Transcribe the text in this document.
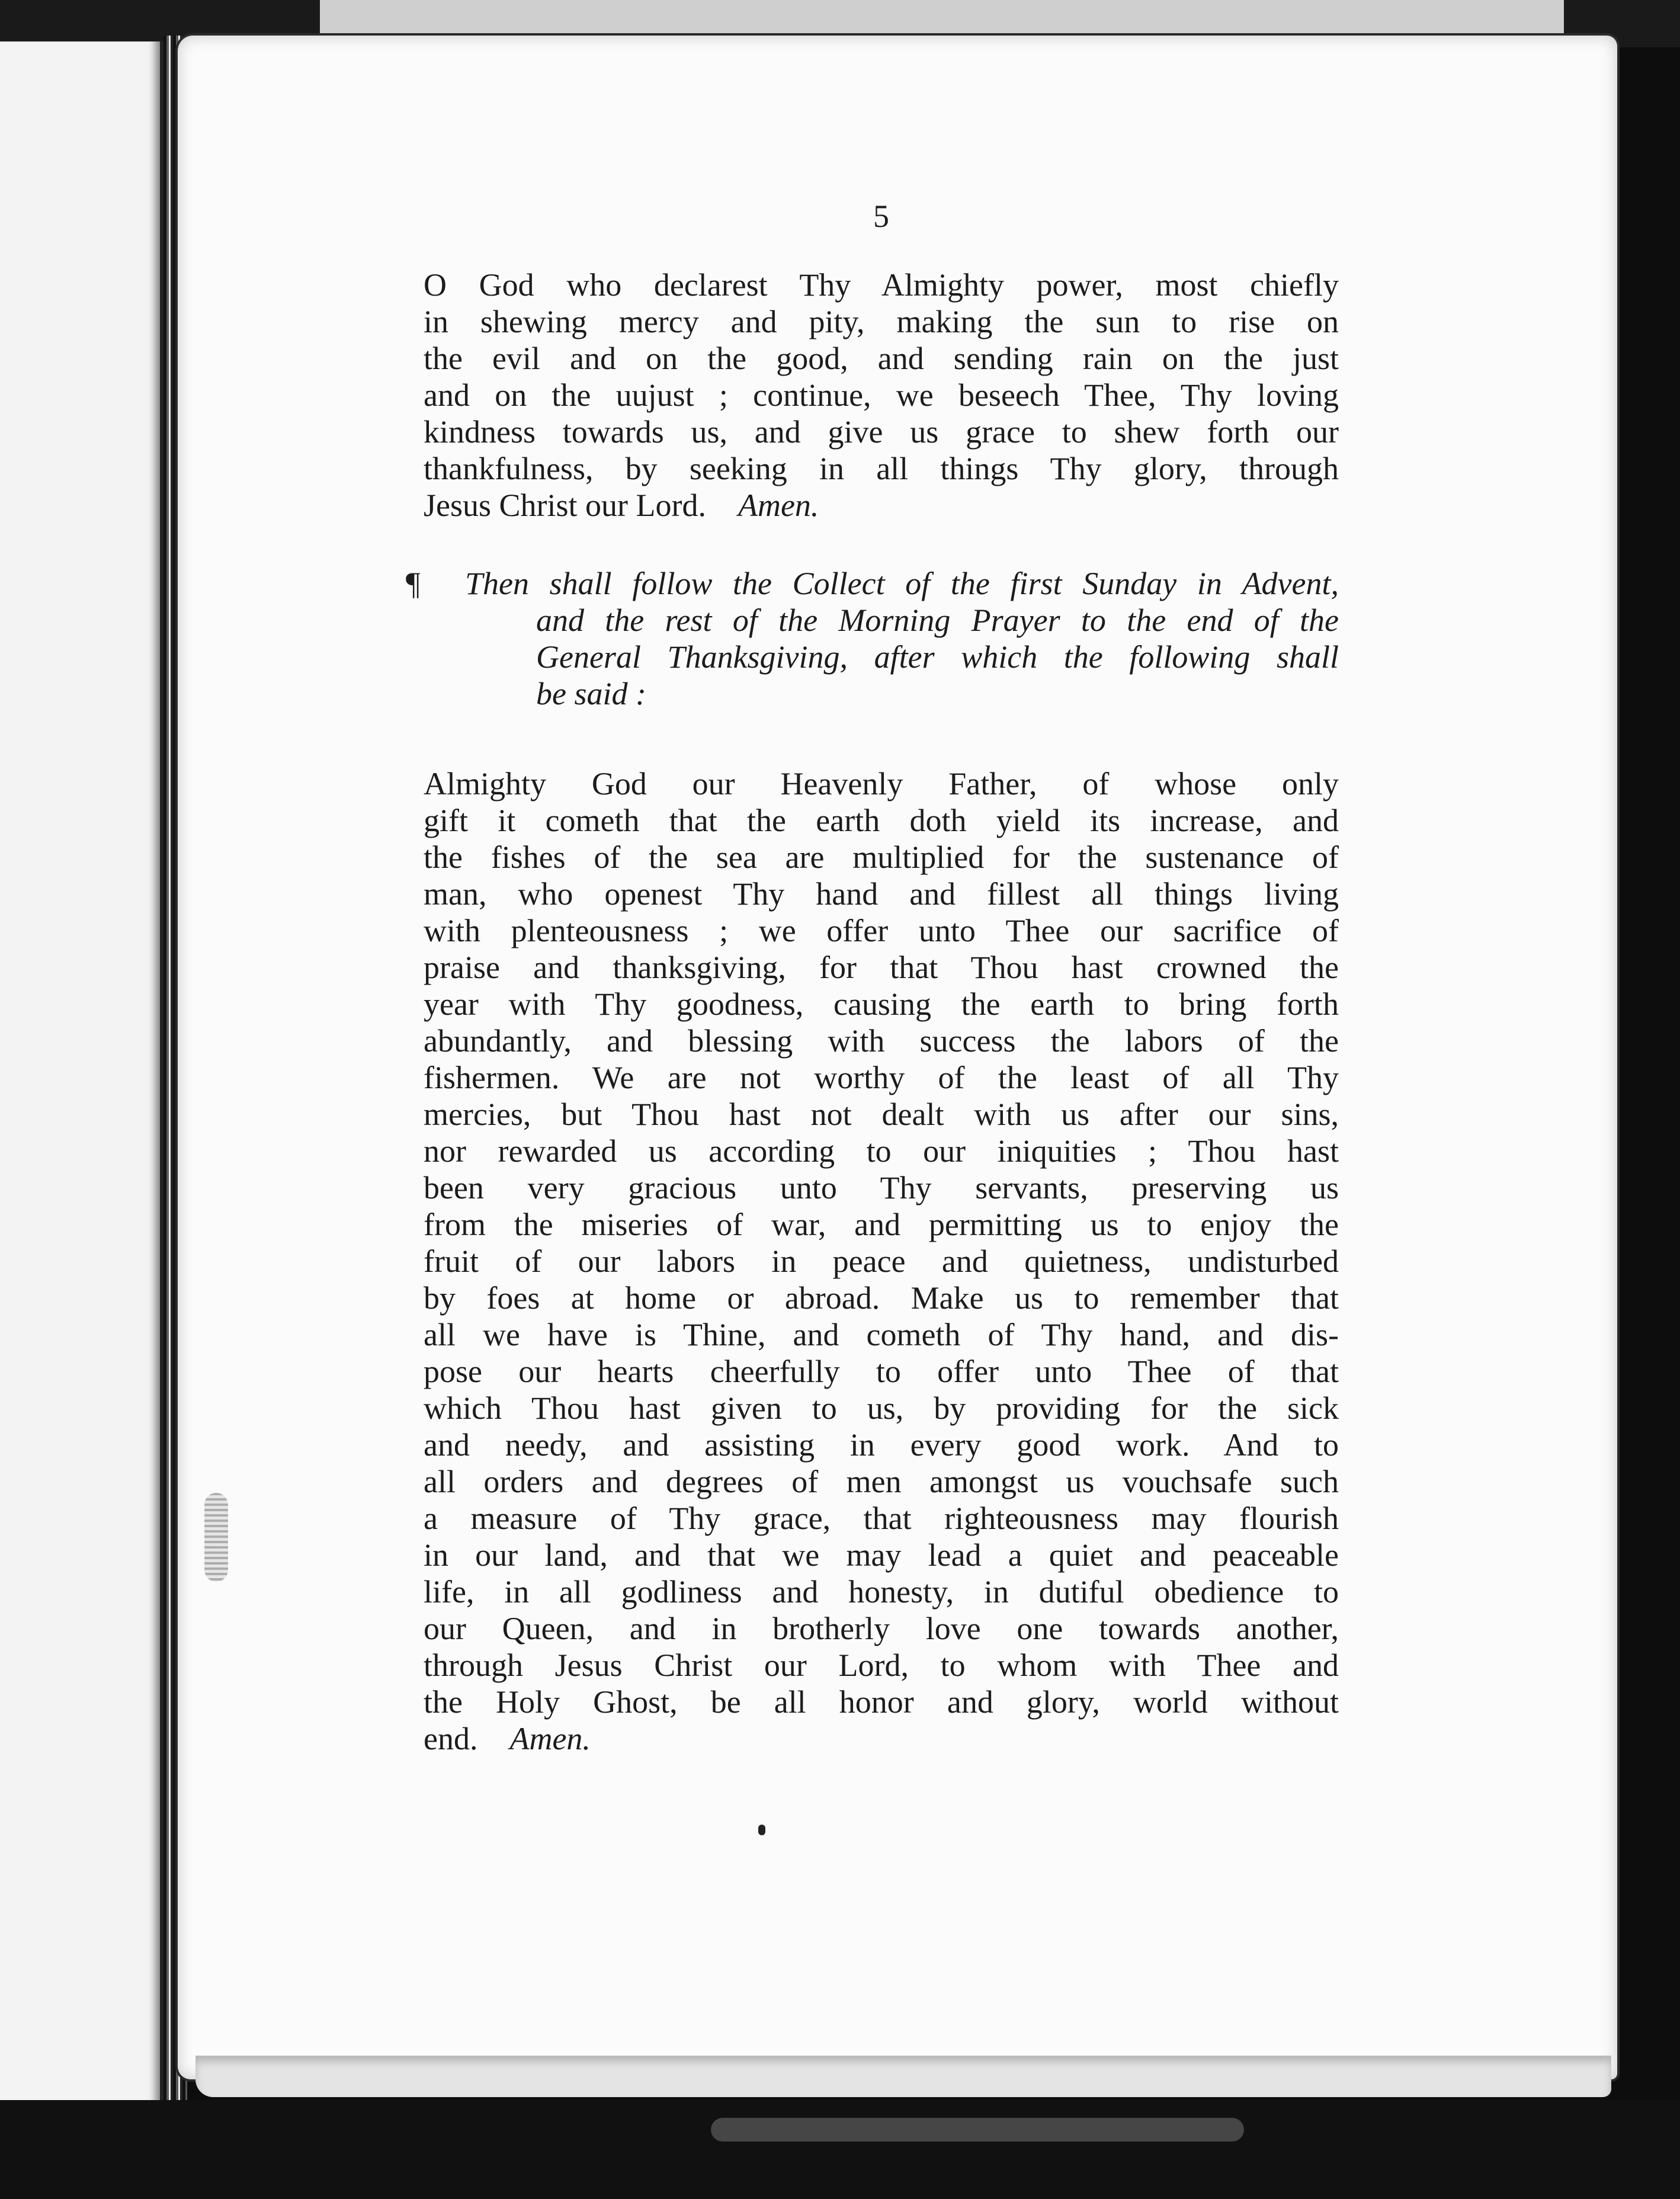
5
O God who declarest Thy Almighty power, most chiefly
in shewing mercy and pity, making the sun to rise on
the evil and on the good, and sending rain on the just
and on the uujust ; continue, we beseech Thee, Thy loving
kindness towards us, and give us grace to shew forth our
thankfulness, by seeking in all things Thy glory, through
Jesus Christ our Lord. Amen.
¶	Then shall follow the Collect of the first Sunday in Advent,
and the rest of the Morning Prayer to the end of the
General Thanksgiving, after which the following shall
be said :
Almighty God our Heavenly Father, of whose only
gift it cometh that the earth doth yield its increase, and
the fishes of the sea are multiplied for the sustenance of
man, who openest Thy hand and fillest all things living
with plenteousness ; we offer unto Thee our sacrifice of
praise and thanksgiving, for that Thou hast crowned the
year with Thy goodness, causing the earth to bring forth
abundantly, and blessing with success the labors of the
fishermen. We are not worthy of the least of all Thy
mercies, but Thou hast not dealt with us after our sins,
nor rewarded us according to our iniquities ; Thou hast
been very gracious unto Thy servants, preserving us
from the miseries of war, and permitting us to enjoy the
fruit of our labors in peace and quietness, undisturbed
by foes at home or abroad. Make us to remember that
all we have is Thine, and cometh of Thy hand, and dis-
pose our hearts cheerfully to offer unto Thee of that
which Thou hast given to us, by providing for the sick
and needy, and assisting in every good work. And to
all orders and degrees of men amongst us vouchsafe such
a measure of Thy grace, that righteousness may flourish
in our land, and that we may lead a quiet and peaceable
life, in all godliness and honesty, in dutiful obedience to
our Queen, and in brotherly love one towards another,
through Jesus Christ our Lord, to whom with Thee and
the Holy Ghost, be all honor and glory, world without
end. Amen.
